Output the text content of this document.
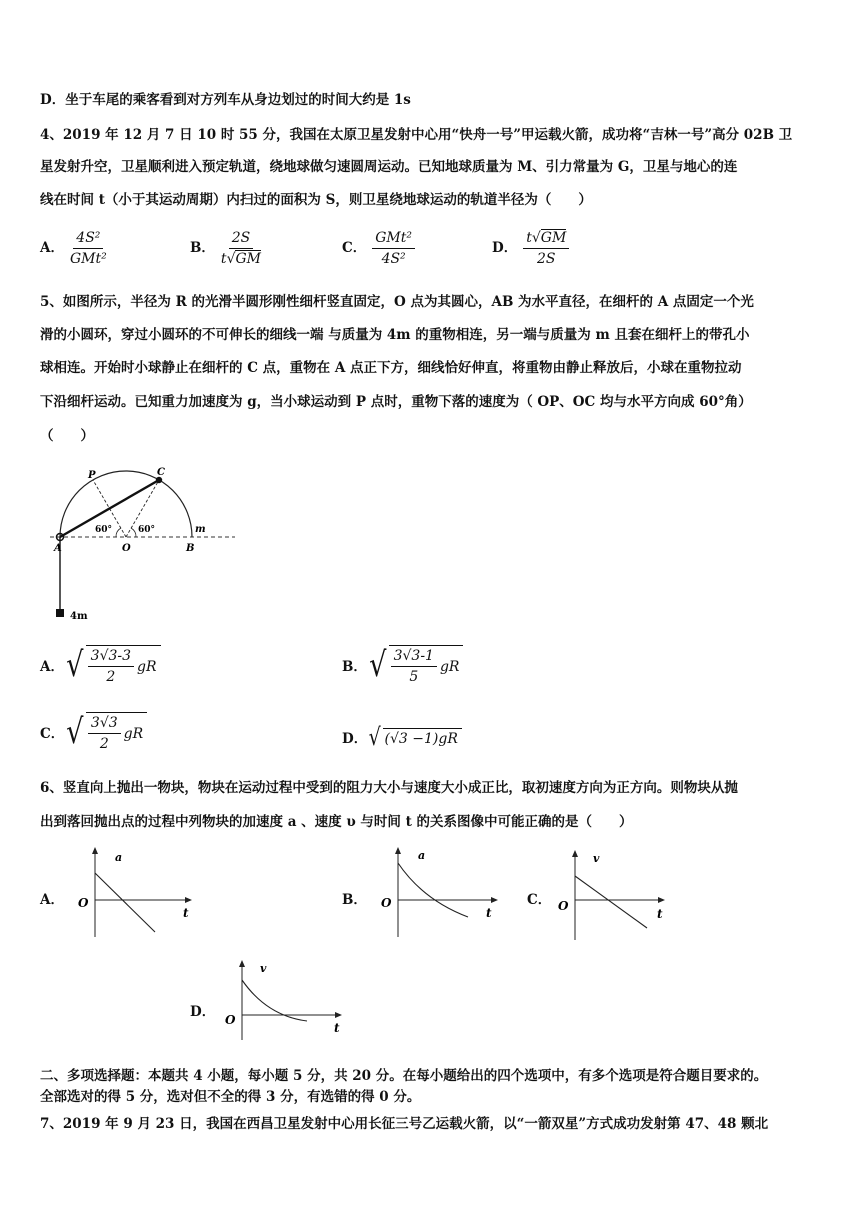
D．坐于车尾的乘客看到对方列车从身边划过的时间大约是 1s
4、2019 年 12 月 7 日 10 时 55 分，我国在太原卫星发射中心用“快舟一号”甲运载火箭，成功将“吉林一号”高分 02B 卫
星发射升空，卫星顺利进入预定轨道，绕地球做匀速圆周运动。已知地球质量为 M、引力常量为 G，卫星与地心的连
线在时间 t（小于其运动周期）内扫过的面积为 S，则卫星绕地球运动的轨道半径为（　　）
A． $\frac{\text{4S²}}{\text{GMt²}}$	B． $\frac{2S}{t√GM}$	C． $\frac{\text{GMt²}}{\text{4S²}}$	D． $\frac{t√GM}{2S}$
5、如图所示，半径为 R 的光滑半圆形刚性细杆竖直固定，O 点为其圆心，AB 为水平直径，在细杆的 A 点固定一个光
滑的小圆环，穿过小圆环的不可伸长的细线一端 与质量为 4m 的重物相连，另一端与质量为 m 且套在细杆上的带孔小
球相连。开始时小球静止在细杆的 C 点，重物在 A 点正下方，细线恰好伸直，将重物由静止释放后，小球在重物拉动
下沿细杆运动。已知重力加速度为 g，当小球运动到 P 点时，重物下落的速度为（ OP、OC 均与水平方向成 60°角）
（　　）
P	C
60°	60°
A	O	B
m
4m
A． √ $\frac{3√3-3}{2}$ gR	B． √ $\frac{3√3-1}{5}$ gR
C． √ $\frac{3√3}{2}$ gR	D． √ (√3 −1)gR
6、竖直向上抛出一物块，物块在运动过程中受到的阻力大小与速度大小成正比，取初速度方向为正方向。则物块从抛
出到落回抛出点的过程中列物块的加速度 a 、速度 υ 与时间 t 的关系图像中可能正确的是（　　）
A．
a
O
t
B．
a
O
t
C．
v
O
t
D．
v
O
t
二、多项选择题：本题共 4 小题，每小题 5 分，共 20 分。在每小题给出的四个选项中，有多个选项是符合题目要求的。
全部选对的得 5 分，选对但不全的得 3 分，有选错的得 0 分。
7、2019 年 9 月 23 日，我国在西昌卫星发射中心用长征三号乙运载火箭，以“一箭双星”方式成功发射第 47、48 颗北
